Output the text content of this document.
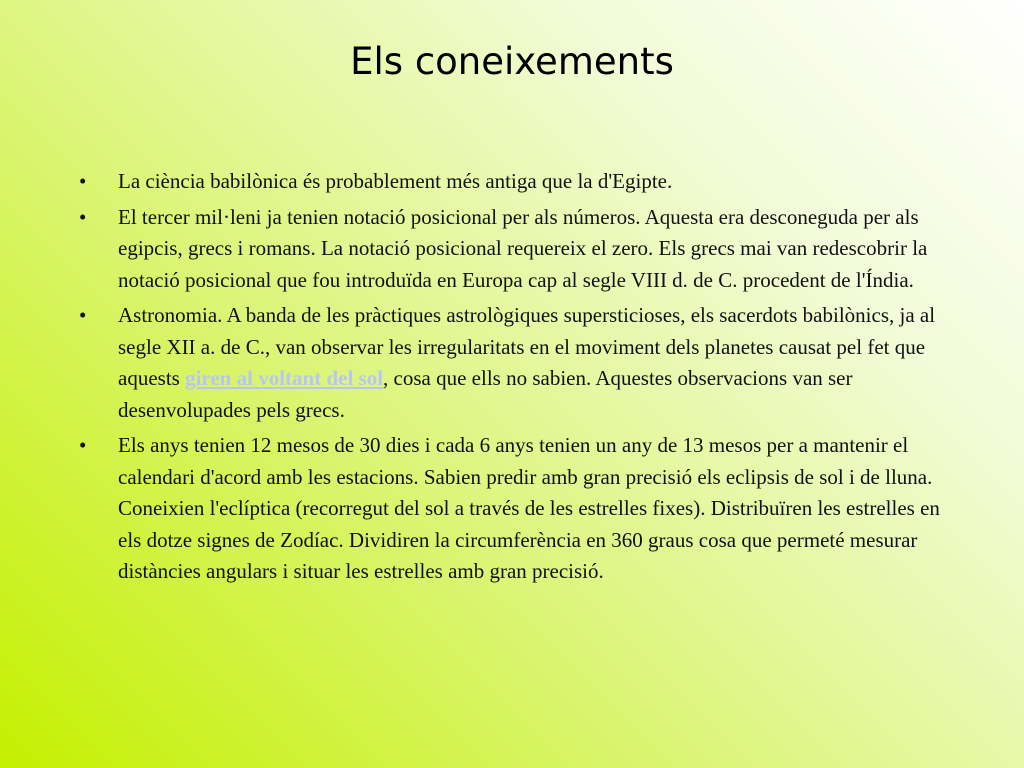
Els coneixements
•	La ciència babilònica és probablement més antiga que la d'Egipte.
•	El tercer mil·leni ja tenien notació posicional per als números. Aquesta era desconeguda per als egipcis, grecs i romans. La notació posicional requereix el zero. Els grecs mai van redescobrir la notació posicional que fou introduïda en Europa cap al segle VIII d. de C. procedent de l'Índia.
•	Astronomia. A banda de les pràctiques astrològiques supersticioses, els sacerdots babilònics, ja al segle XII a. de C., van observar les irregularitats en el moviment dels planetes causat pel fet que aquests giren al voltant del sol, cosa que ells no sabien. Aquestes observacions van ser desenvolupades pels grecs.
•	Els anys tenien 12 mesos de 30 dies i cada 6 anys tenien un any de 13 mesos per a mantenir el calendari d'acord amb les estacions. Sabien predir amb gran precisió els eclipsis de sol i de lluna. Coneixien l'eclíptica (recorregut del sol a través de les estrelles fixes). Distribuïren les estrelles en els dotze signes de Zodíac. Dividiren la circumferència en 360 graus cosa que permeté mesurar distàncies angulars i situar les estrelles amb gran precisió.
